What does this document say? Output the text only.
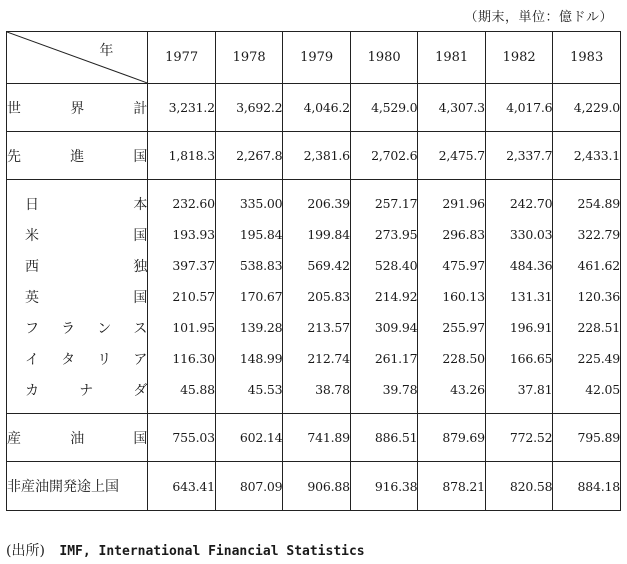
（期末，単位：億ドル）
年	1977	1978	1979	1980	1981	1982	1983

世 界 計	3,231.2	3,692.2	4,046.2	4,529.0	4,307.3	4,017.6	4,229.0

先 進 国	1,818.3	2,267.8	2,381.6	2,702.6	2,475.7	2,337.7	2,433.1

日 本	232.60	335.00	206.39	257.17	291.96	242.70	254.89

米 国	193.93	195.84	199.84	273.95	296.83	330.03	322.79

西 独	397.37	538.83	569.42	528.40	475.97	484.36	461.62

英 国	210.57	170.67	205.83	214.92	160.13	131.31	120.36

フ ラ ン ス	101.95	139.28	213.57	309.94	255.97	196.91	228.51

イ タ リ ア	116.30	148.99	212.74	261.17	228.50	166.65	225.49

カ ナ ダ	45.88	45.53	38.78	39.78	43.26	37.81	42.05

産 油 国	755.03	602.14	741.89	886.51	879.69	772.52	795.89

非産油開発途上国	643.41	807.09	906.88	916.38	878.21	820.58	884.18
(出所) IMF, International Financial Statistics
